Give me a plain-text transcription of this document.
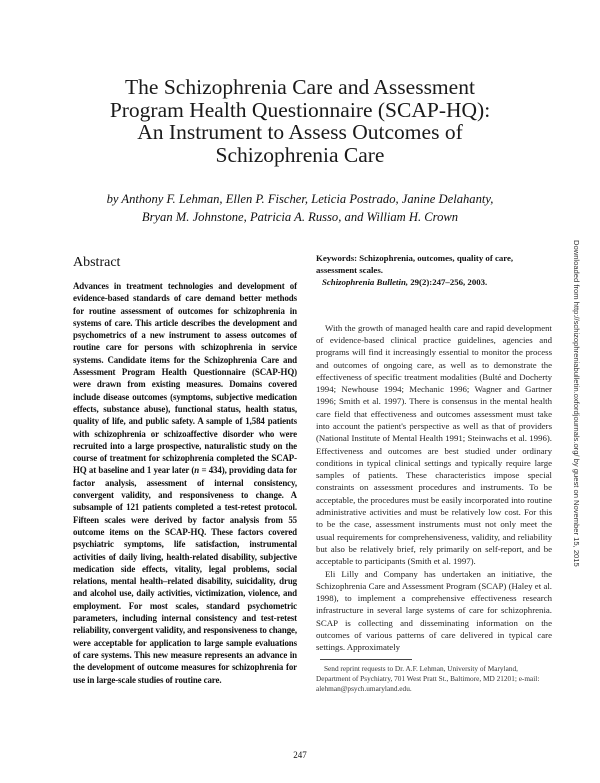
The Schizophrenia Care and Assessment
Program Health Questionnaire (SCAP-HQ):
An Instrument to Assess Outcomes of
Schizophrenia Care

by Anthony F. Lehman, Ellen P. Fischer, Leticia Postrado, Janine Delahanty,
Bryan M. Johnstone, Patricia A. Russo, and William H. Crown

Abstract

Advances in treatment technologies and development of evidence-based standards of care demand better methods for routine assessment of outcomes for schizophrenia in systems of care. This article describes the development and psychometrics of a new instrument to assess outcomes of routine care for persons with schizophrenia in service systems. Candidate items for the Schizophrenia Care and Assessment Program Health Questionnaire (SCAP-HQ) were drawn from existing measures. Domains covered include disease outcomes (symptoms, subjective medication effects, substance abuse), functional status, health status, quality of life, and public safety. A sample of 1,584 patients with schizophrenia or schizoaffective disorder who were recruited into a large prospective, naturalistic study on the course of treatment for schizophrenia completed the SCAP-HQ at baseline and 1 year later (n = 434), providing data for factor analysis, assessment of internal consistency, convergent validity, and responsiveness to change. A subsample of 121 patients completed a test-retest protocol. Fifteen scales were derived by factor analysis from 55 outcome items on the SCAP-HQ. These factors covered psychiatric symptoms, life satisfaction, instrumental activities of daily living, health-related disability, subjective medication side effects, vitality, legal problems, social relations, mental health–related disability, suicidality, drug and alcohol use, daily activities, victimization, violence, and employment. For most scales, standard psychometric parameters, including internal consistency and test-retest reliability, convergent validity, and responsiveness to change, were acceptable for application to large sample evaluations of care systems. This new measure represents an advance in the development of outcome measures for schizophrenia for use in large-scale studies of routine care.

Keywords: Schizophrenia, outcomes, quality of care, assessment scales.

Schizophrenia Bulletin, 29(2):247–256, 2003.

With the growth of managed health care and rapid development of evidence-based clinical practice guidelines, agencies and programs will find it increasingly essential to monitor the process and outcomes of ongoing care, as well as to demonstrate the effectiveness of specific treatment modalities (Bulté and Docherty 1994; Newhouse 1994; Mechanic 1996; Wagner and Gartner 1996; Smith et al. 1997). There is consensus in the mental health care field that effectiveness and outcomes assessment must take into account the patient's perspective as well as that of providers (National Institute of Mental Health 1991; Steinwachs et al. 1996). Effectiveness and outcomes are best studied under ordinary conditions in typical clinical settings and typically require large samples of patients. These characteristics impose special constraints on assessment procedures and instruments. To be acceptable, the procedures must be easily incorporated into routine administrative activities and must be relatively low cost. For this to be the case, assessment instruments must not only meet the usual requirements for comprehensiveness, validity, and reliability but also be relatively brief, rely primarily on self-report, and be acceptable to participants (Smith et al. 1997).

Eli Lilly and Company has undertaken an initiative, the Schizophrenia Care and Assessment Program (SCAP) (Haley et al. 1998), to implement a comprehensive effectiveness research infrastructure in several large systems of care for schizophrenia. SCAP is collecting and disseminating information on the outcomes of various patterns of care delivered in typical care settings. Approximately

Send reprint requests to Dr. A.F. Lehman, University of Maryland, Department of Psychiatry, 701 West Pratt St., Baltimore, MD 21201; e-mail: alehman@psych.umaryland.edu.

247

Downloaded from http://schizophreniabulletin.oxfordjournals.org/ by guest on November 15, 2015
